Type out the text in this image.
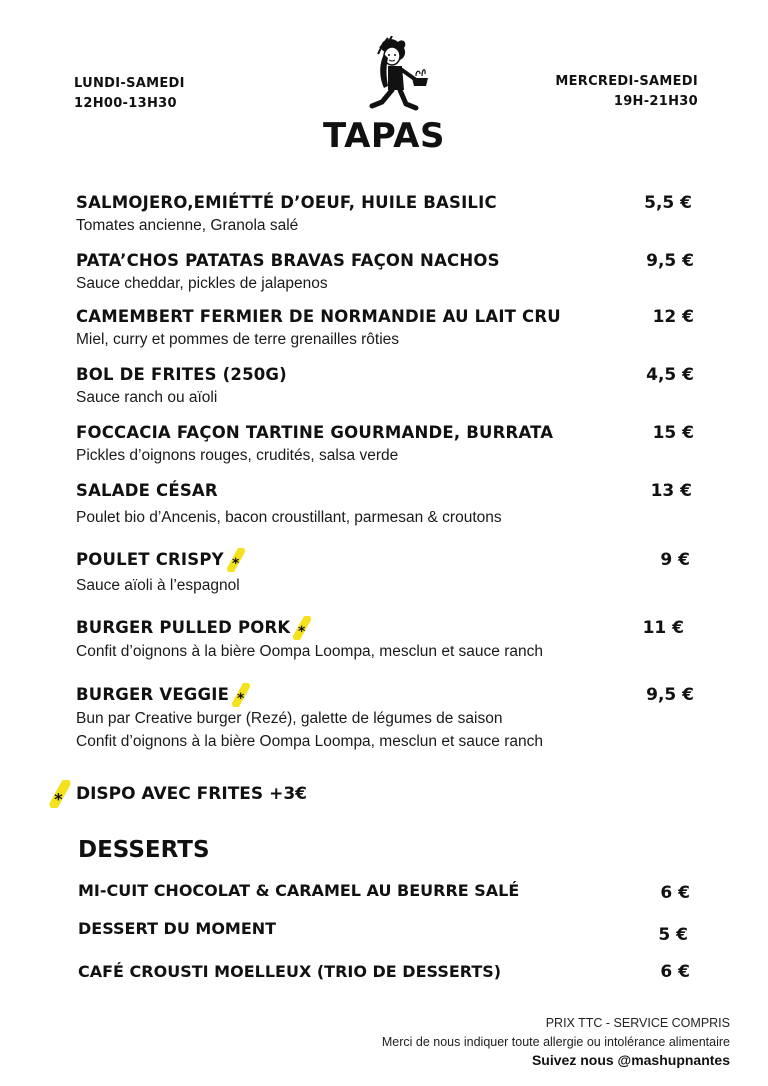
LUNDI-SAMEDI
12H00-13H30
MERCREDI-SAMEDI
19H-21H30
TAPAS
SALMOJERO,EMIÉTTÉ D’OEUF, HUILE BASILIC	5,5 €
Tomates ancienne, Granola salé
PATA’CHOS PATATAS BRAVAS FAÇON NACHOS	9,5 €
Sauce cheddar, pickles de jalapenos
CAMEMBERT FERMIER DE NORMANDIE AU LAIT CRU	12 €
Miel, curry et pommes de terre grenailles rôties
BOL DE FRITES (250G)	4,5 €
Sauce ranch ou aïoli
FOCCACIA FAÇON TARTINE GOURMANDE, BURRATA	15 €
Pickles d’oignons rouges, crudités, salsa verde
SALADE CÉSAR	13 €
Poulet bio d’Ancenis, bacon croustillant, parmesan & croutons
POULET CRISPY *	9 €
Sauce aïoli à l’espagnol
BURGER PULLED PORK *	11 €
Confit d’oignons à la bière Oompa Loompa, mesclun et sauce ranch
BURGER VEGGIE *	9,5 €
Bun par Creative burger (Rezé), galette de légumes de saison
Confit d’oignons à la bière Oompa Loompa, mesclun et sauce ranch
* DISPO AVEC FRITES +3€
DESSERTS
MI-CUIT CHOCOLAT & CARAMEL AU BEURRE SALÉ	6 €
DESSERT DU MOMENT	5 €
CAFÉ CROUSTI MOELLEUX (TRIO DE DESSERTS)	6 €
PRIX TTC - SERVICE COMPRIS
Merci de nous indiquer toute allergie ou intolérance alimentaire
Suivez nous @mashupnantes
